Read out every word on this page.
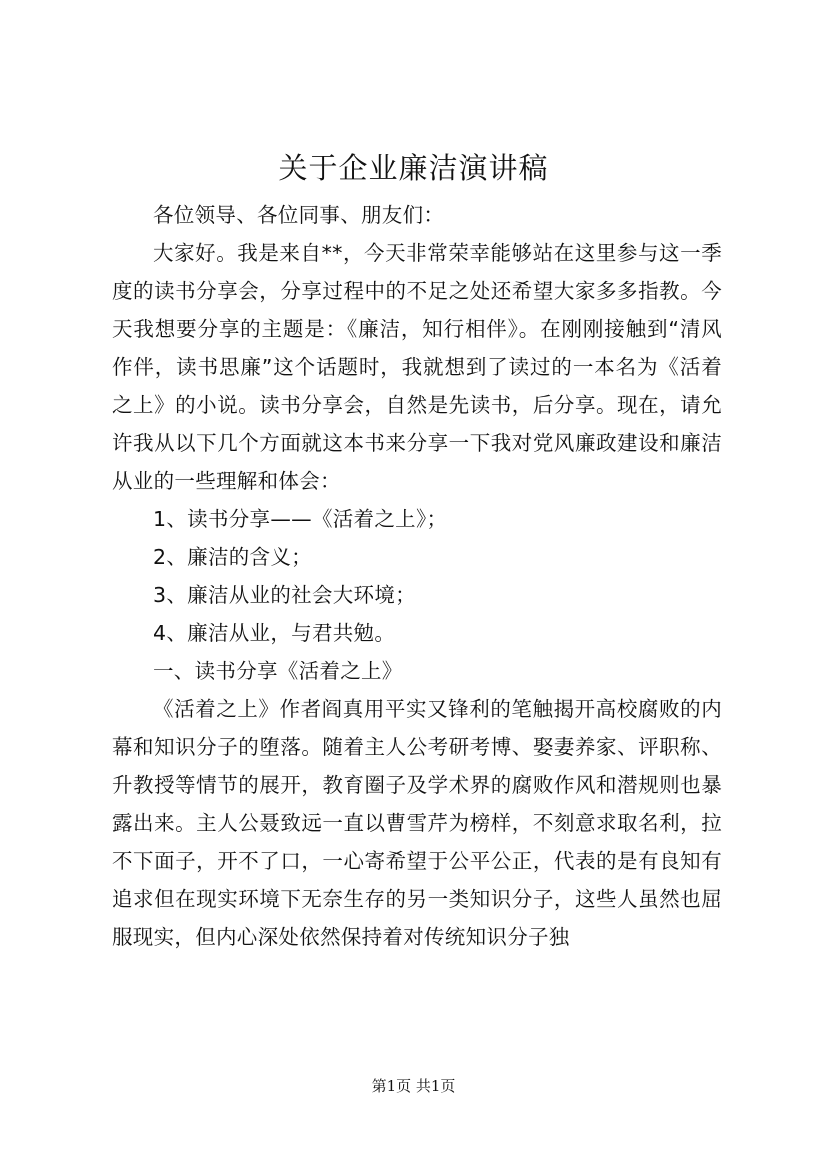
关于企业廉洁演讲稿

各位领导、各位同事、朋友们：

大家好。我是来自**，今天非常荣幸能够站在这里参与这一季度的读书分享会，分享过程中的不足之处还希望大家多多指教。今天我想要分享的主题是：《廉洁，知行相伴》。在刚刚接触到“清风作伴，读书思廉”这个话题时，我就想到了读过的一本名为《活着之上》的小说。读书分享会，自然是先读书，后分享。现在，请允许我从以下几个方面就这本书来分享一下我对党风廉政建设和廉洁从业的一些理解和体会：

1、读书分享——《活着之上》；

2、廉洁的含义；

3、廉洁从业的社会大环境；

4、廉洁从业，与君共勉。

一、读书分享《活着之上》

《活着之上》作者阎真用平实又锋利的笔触揭开高校腐败的内幕和知识分子的堕落。随着主人公考研考博、娶妻养家、评职称、升教授等情节的展开，教育圈子及学术界的腐败作风和潜规则也暴露出来。主人公聂致远一直以曹雪芹为榜样，不刻意求取名利，拉不下面子，开不了口，一心寄希望于公平公正，代表的是有良知有追求但在现实环境下无奈生存的另一类知识分子，这些人虽然也屈服现实，但内心深处依然保持着对传统知识分子独

第1页 共1页
